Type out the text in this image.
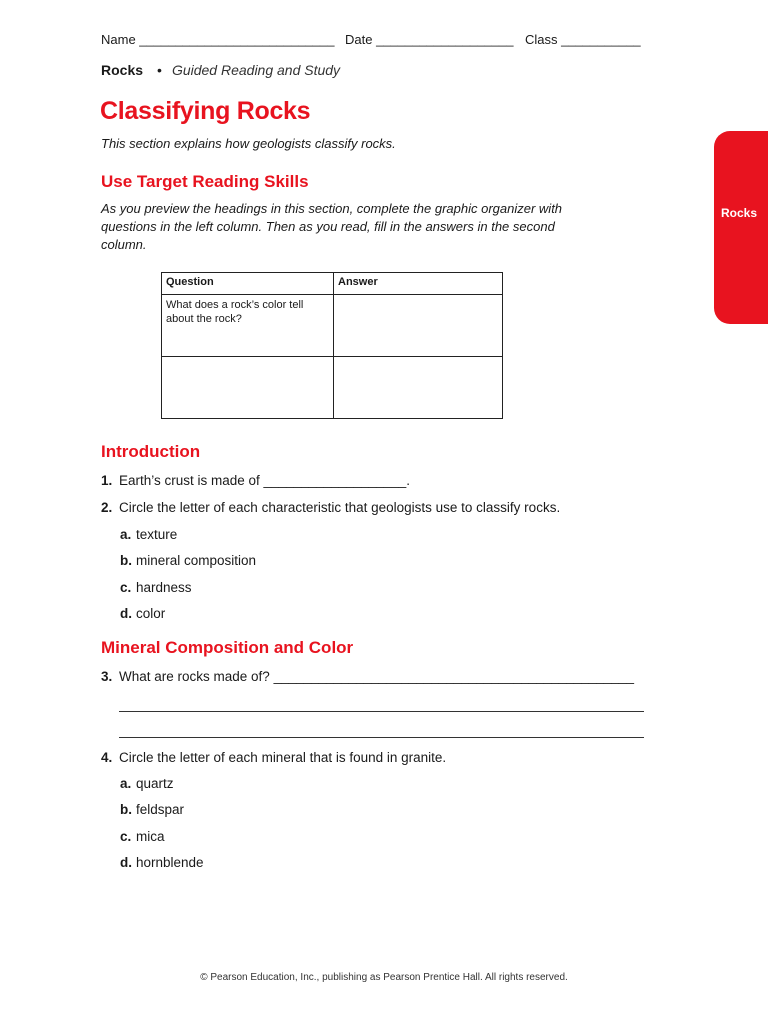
Name ___________________________ Date ___________________ Class ___________
Rocks • Guided Reading and Study
Classifying Rocks
This section explains how geologists classify rocks.
Use Target Reading Skills
As you preview the headings in this section, complete the graphic organizer with questions in the left column. Then as you read, fill in the answers in the second column.
Rocks
Question	Answer
What does a rock’s color tell about the rock?	

Introduction
1. Earth’s crust is made of ___________________.
2. Circle the letter of each characteristic that geologists use to classify rocks.
a. texture
b. mineral composition
c. hardness
d. color
Mineral Composition and Color
3. What are rocks made of? ________________________________________________
4. Circle the letter of each mineral that is found in granite.
a. quartz
b. feldspar
c. mica
d. hornblende
© Pearson Education, Inc., publishing as Pearson Prentice Hall. All rights reserved.
